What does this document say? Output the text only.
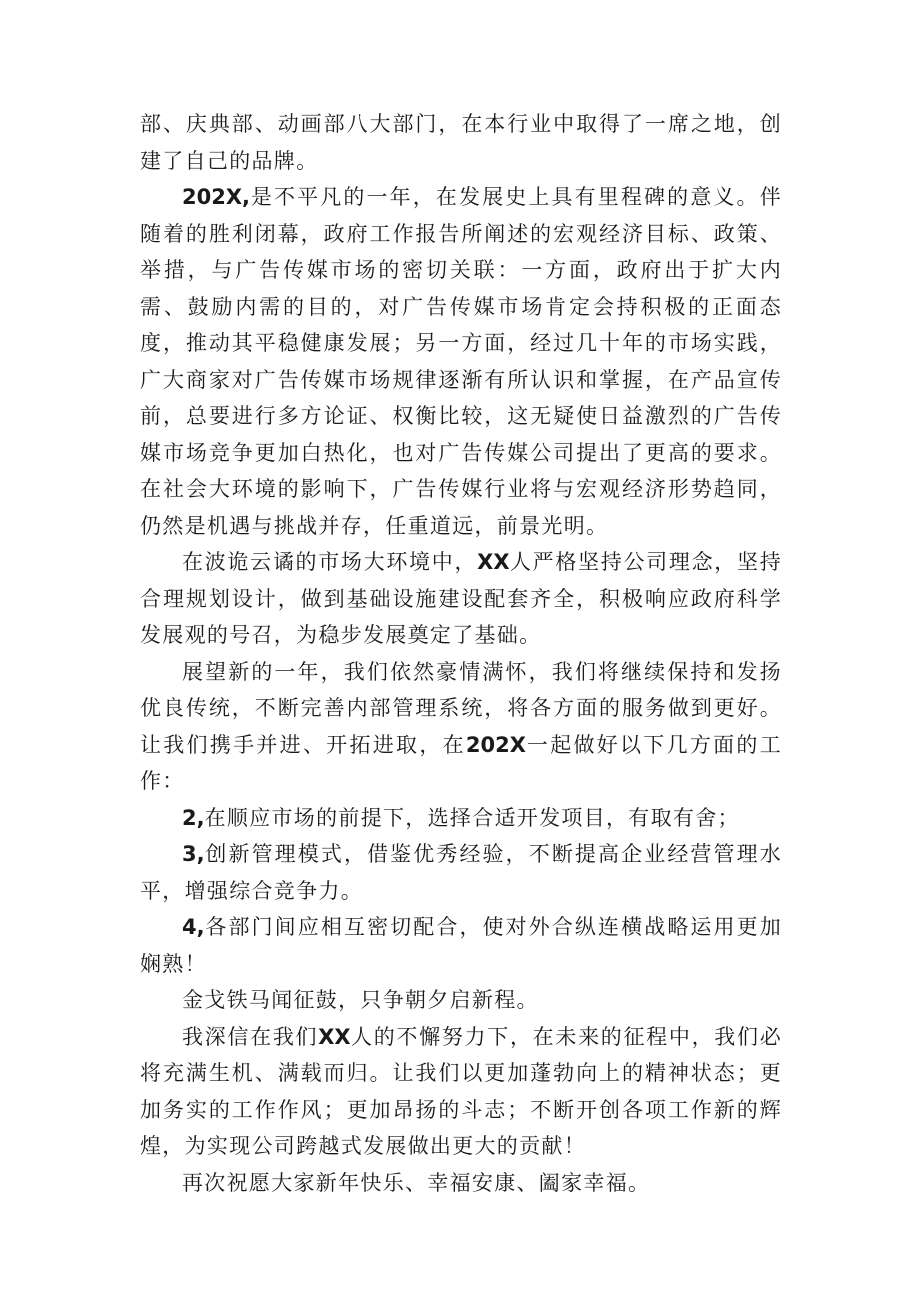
部、庆典部、动画部八大部门，在本行业中取得了一席之地，创建了自己的品牌。

202X,是不平凡的一年，在发展史上具有里程碑的意义。伴随着的胜利闭幕，政府工作报告所阐述的宏观经济目标、政策、举措，与广告传媒市场的密切关联：一方面，政府出于扩大内需、鼓励内需的目的，对广告传媒市场肯定会持积极的正面态度，推动其平稳健康发展；另一方面，经过几十年的市场实践，广大商家对广告传媒市场规律逐渐有所认识和掌握，在产品宣传前，总要进行多方论证、权衡比较，这无疑使日益激烈的广告传媒市场竞争更加白热化，也对广告传媒公司提出了更高的要求。在社会大环境的影响下，广告传媒行业将与宏观经济形势趋同，仍然是机遇与挑战并存，任重道远，前景光明。

在波诡云谲的市场大环境中，XX人严格坚持公司理念，坚持合理规划设计，做到基础设施建设配套齐全，积极响应政府科学发展观的号召，为稳步发展奠定了基础。

展望新的一年，我们依然豪情满怀，我们将继续保持和发扬优良传统，不断完善内部管理系统，将各方面的服务做到更好。让我们携手并进、开拓进取，在202X一起做好以下几方面的工作：

2,在顺应市场的前提下，选择合适开发项目，有取有舍；

3,创新管理模式，借鉴优秀经验，不断提高企业经营管理水平，增强综合竞争力。

4,各部门间应相互密切配合，使对外合纵连横战略运用更加娴熟！

金戈铁马闻征鼓，只争朝夕启新程。

我深信在我们XX人的不懈努力下，在未来的征程中，我们必将充满生机、满载而归。让我们以更加蓬勃向上的精神状态；更加务实的工作作风；更加昂扬的斗志；不断开创各项工作新的辉煌，为实现公司跨越式发展做出更大的贡献！

再次祝愿大家新年快乐、幸福安康、阖家幸福。
